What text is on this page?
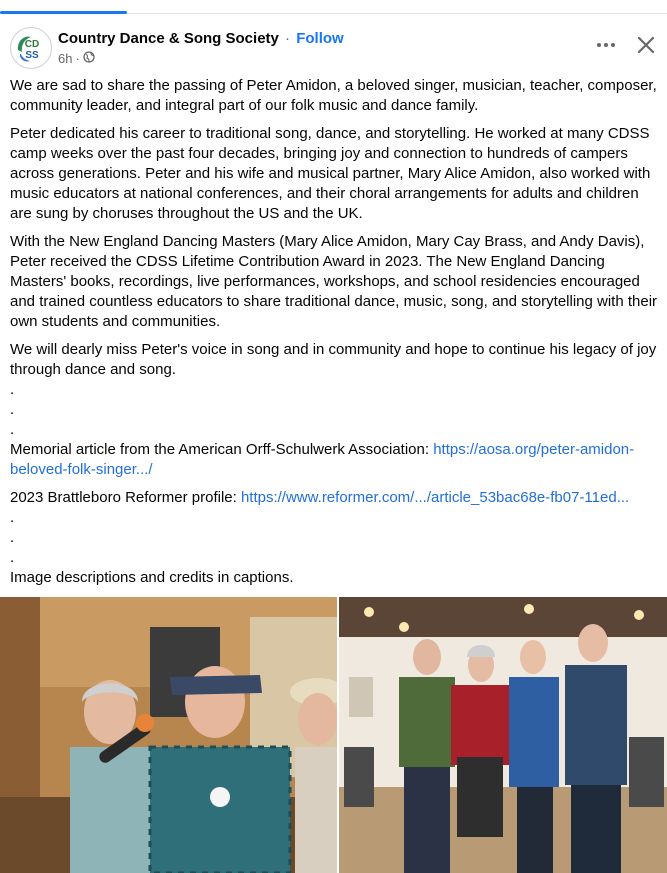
CD
SS
Country Dance & Song Society · Follow
6h ·

We are sad to share the passing of Peter Amidon, a beloved singer, musician, teacher, composer, community leader, and integral part of our folk music and dance family.

Peter dedicated his career to traditional song, dance, and storytelling. He worked at many CDSS camp weeks over the past four decades, bringing joy and connection to hundreds of campers across generations. Peter and his wife and musical partner, Mary Alice Amidon, also worked with music educators at national conferences, and their choral arrangements for adults and children are sung by choruses throughout the US and the UK.

With the New England Dancing Masters (Mary Alice Amidon, Mary Cay Brass, and Andy Davis), Peter received the CDSS Lifetime Contribution Award in 2023. The New England Dancing Masters' books, recordings, live performances, workshops, and school residencies encouraged and trained countless educators to share traditional dance, music, song, and storytelling with their own students and communities.

We will dearly miss Peter's voice in song and in community and hope to continue his legacy of joy through dance and song.

.
.
.

Memorial article from the American Orff-Schulwerk Association: https://aosa.org/peter-amidon-beloved-folk-singer.../

2023 Brattleboro Reformer profile: https://www.reformer.com/.../article_53bac68e-fb07-11ed...

.
.
.

Image descriptions and credits in captions.
